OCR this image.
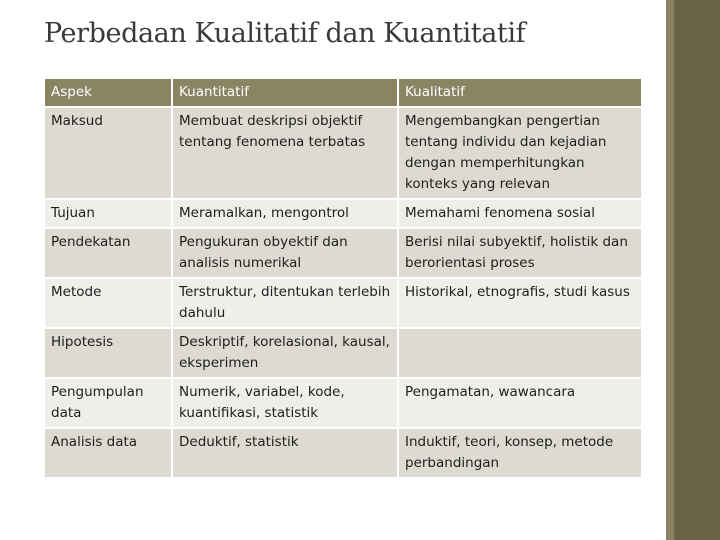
Perbedaan Kualitatif dan Kuantitatif
Aspek	Kuantitatif	Kualitatif
Maksud	Membuat deskripsi objektif tentang fenomena terbatas	Mengembangkan pengertian tentang individu dan kejadian dengan memperhitungkan konteks yang relevan
Tujuan	Meramalkan, mengontrol	Memahami fenomena sosial
Pendekatan	Pengukuran obyektif dan analisis numerikal	Berisi nilai subyektif, holistik dan berorientasi proses
Metode	Terstruktur, ditentukan terlebih dahulu	Historikal, etnografis, studi kasus
Hipotesis	Deskriptif, korelasional, kausal, eksperimen	
Pengumpulan data	Numerik, variabel, kode, kuantifikasi, statistik	Pengamatan, wawancara
Analisis data	Deduktif, statistik	Induktif, teori, konsep, metode perbandingan
